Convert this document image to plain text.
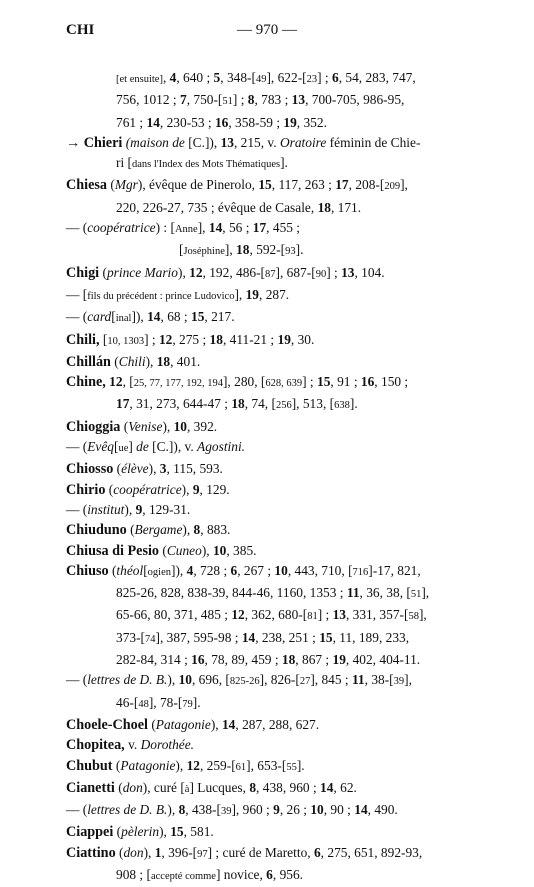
CHI	— 970 —
[et ensuite], 4, 640 ; 5, 348-[49], 622-[23] ; 6, 54, 283, 747,
756, 1012 ; 7, 750-[51] ; 8, 783 ; 13, 700-705, 986-95,
761 ; 14, 230-53 ; 16, 358-59 ; 19, 352.
→ Chieri (maison de [C.]), 13, 215, v. Oratoire féminin de Chie-
ri [dans l'Index des Mots Thématiques].
Chiesa (Mgr), évêque de Pinerolo, 15, 117, 263 ; 17, 208-[209],
220, 226-27, 735 ; évêque de Casale, 18, 171.
— (coopératrice) : [Anne], 14, 56 ; 17, 455 ;
[Joséphine], 18, 592-[93].
Chigi (prince Mario), 12, 192, 486-[87], 687-[90] ; 13, 104.
— [fils du précédent : prince Ludovico], 19, 287.
— (card[inal]), 14, 68 ; 15, 217.
Chili, [10, 1303] ; 12, 275 ; 18, 411-21 ; 19, 30.
Chillán (Chili), 18, 401.
Chine, 12, [25, 77, 177, 192, 194], 280, [628, 639] ; 15, 91 ; 16, 150 ;
17, 31, 273, 644-47 ; 18, 74, [256], 513, [638].
Chioggia (Venise), 10, 392.
— (Evêq[ue] de [C.]), v. Agostini.
Chiosso (élève), 3, 115, 593.
Chirio (coopératrice), 9, 129.
— (institut), 9, 129-31.
Chiuduno (Bergame), 8, 883.
Chiusa di Pesio (Cuneo), 10, 385.
Chiuso (théol[ogien]), 4, 728 ; 6, 267 ; 10, 443, 710, [716]-17, 821,
825-26, 828, 838-39, 844-46, 1160, 1353 ; 11, 36, 38, [51],
65-66, 80, 371, 485 ; 12, 362, 680-[81] ; 13, 331, 357-[58],
373-[74], 387, 595-98 ; 14, 238, 251 ; 15, 11, 189, 233,
282-84, 314 ; 16, 78, 89, 459 ; 18, 867 ; 19, 402, 404-11.
— (lettres de D. B.), 10, 696, [825-26], 826-[27], 845 ; 11, 38-[39],
46-[48], 78-[79].
Choele-Choel (Patagonie), 14, 287, 288, 627.
Chopitea, v. Dorothée.
Chubut (Patagonie), 12, 259-[61], 653-[55].
Cianetti (don), curé [à] Lucques, 8, 438, 960 ; 14, 62.
— (lettres de D. B.), 8, 438-[39], 960 ; 9, 26 ; 10, 90 ; 14, 490.
Ciappei (pèlerin), 15, 581.
Ciattino (don), 1, 396-[97] ; curé de Maretto, 6, 275, 651, 892-93,
908 ; [accepté comme] novice, 6, 956.
